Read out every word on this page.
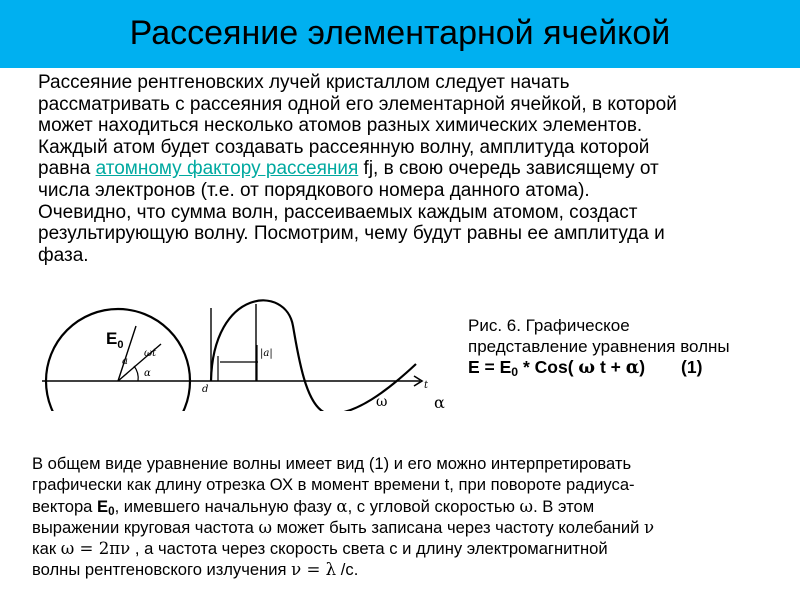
Рассеяние элементарной ячейкой
Рассеяние рентгеновских лучей кристаллом следует начать
рассматривать с рассеяния одной его элементарной ячейкой, в которой
может находиться несколько атомов разных химических элементов.
Каждый атом будет создавать рассеянную волну, амплитуда которой
равна атомному фактору рассеяния fj, в свою очередь зависящему от
числа электронов (т.е. от порядкового номера данного атома).
Очевидно, что сумма волн, рассеиваемых каждым атомом, создаст
результирующую волну. Посмотрим, чему будут равны ее амплитуда и
фаза.
$E_0$
a
ωt
α
|a|
t
d
ω	α
Рис. 6. Графическое
представление уравнения волны
$E = E_0 * Cos$( ω t + α) (1)
В общем виде уравнение волны имеет вид (1) и его можно интерпретировать
графически как длину отрезка ОХ в момент времени t, при повороте радиуса-
вектора $E_0$, имевшего начальную фазу α, с угловой скоростью ω. В этом
выражении круговая частота ω может быть записана через частоту колебаний ν
как ω = 2πν , а частота через скорость света с и длину электромагнитной
волны рентгеновского излучения ν = λ /с.
